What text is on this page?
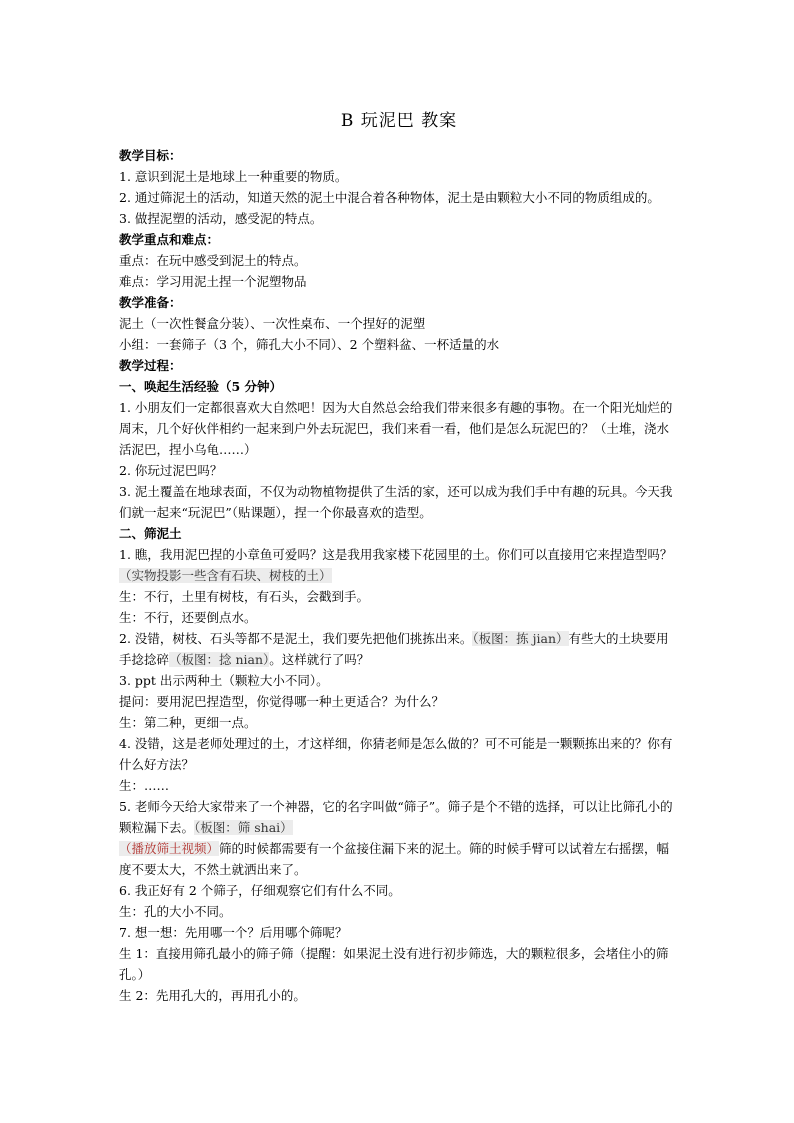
B 玩泥巴 教案

教学目标：

1. 意识到泥土是地球上一种重要的物质。

2. 通过筛泥土的活动，知道天然的泥土中混合着各种物体，泥土是由颗粒大小不同的物质组成的。

3. 做捏泥塑的活动，感受泥的特点。

教学重点和难点：

重点：在玩中感受到泥土的特点。

难点：学习用泥土捏一个泥塑物品

教学准备：

泥土（一次性餐盒分装）、一次性桌布、一个捏好的泥塑

小组：一套筛子（3 个，筛孔大小不同）、2 个塑料盆、一杯适量的水

教学过程：

一、唤起生活经验（5 分钟）

1. 小朋友们一定都很喜欢大自然吧！因为大自然总会给我们带来很多有趣的事物。在一个阳光灿烂的周末，几个好伙伴相约一起来到户外去玩泥巴，我们来看一看，他们是怎么玩泥巴的？（土堆，浇水活泥巴，捏小乌龟……）

2. 你玩过泥巴吗？

3. 泥土覆盖在地球表面，不仅为动物植物提供了生活的家，还可以成为我们手中有趣的玩具。今天我们就一起来“玩泥巴”（贴课题），捏一个你最喜欢的造型。

二、筛泥土

1. 瞧，我用泥巴捏的小章鱼可爱吗？这是我用我家楼下花园里的土。你们可以直接用它来捏造型吗？（实物投影一些含有石块、树枝的土）

生：不行，土里有树枝，有石头，会戳到手。

生：不行，还要倒点水。

2. 没错，树枝、石头等都不是泥土，我们要先把他们挑拣出来。（板图：拣 jian）有些大的土块要用手捻捻碎（板图：捻 nian）。这样就行了吗？

3. ppt 出示两种土（颗粒大小不同）。

提问：要用泥巴捏造型，你觉得哪一种土更适合？为什么？

生：第二种，更细一点。

4. 没错，这是老师处理过的土，才这样细，你猜老师是怎么做的？可不可能是一颗颗拣出来的？你有什么好方法？

生：……

5. 老师今天给大家带来了一个神器，它的名字叫做“筛子”。筛子是个不错的选择，可以让比筛孔小的颗粒漏下去。（板图：筛 shai）

（播放筛土视频）筛的时候都需要有一个盆接住漏下来的泥土。筛的时候手臂可以试着左右摇摆，幅度不要太大，不然土就洒出来了。

6. 我正好有 2 个筛子，仔细观察它们有什么不同。

生：孔的大小不同。

7. 想一想：先用哪一个？后用哪个筛呢？

生 1：直接用筛孔最小的筛子筛（提醒：如果泥土没有进行初步筛选，大的颗粒很多，会堵住小的筛孔。）

生 2：先用孔大的，再用孔小的。
